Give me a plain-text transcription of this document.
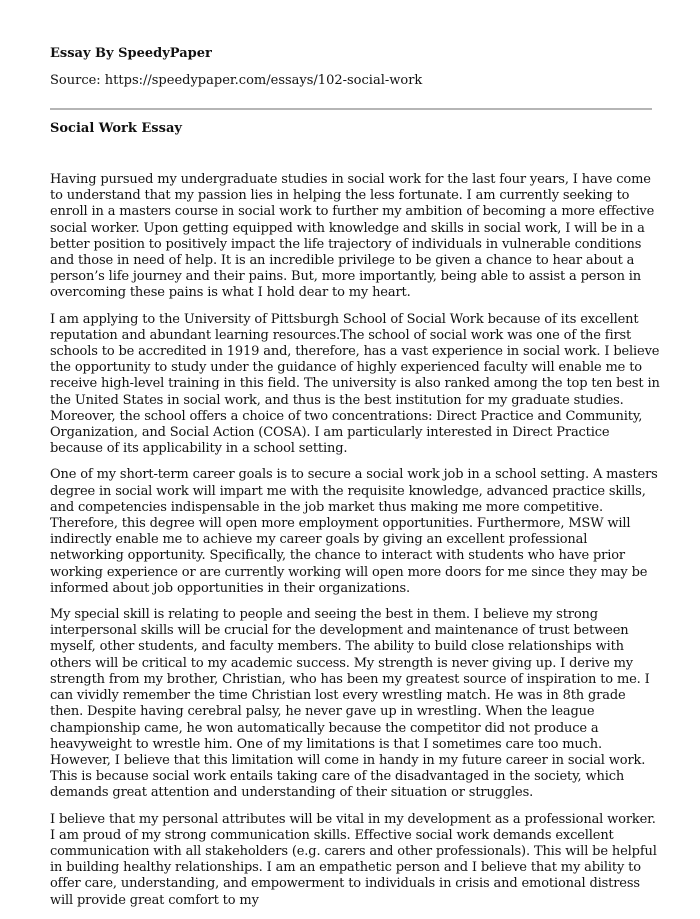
Essay By SpeedyPaper

Source: https://speedypaper.com/essays/102-social-work

Social Work Essay

Having pursued my undergraduate studies in social work for the last four years, I have come to understand that my passion lies in helping the less fortunate. I am currently seeking to enroll in a masters course in social work to further my ambition of becoming a more effective social worker. Upon getting equipped with knowledge and skills in social work, I will be in a better position to positively impact the life trajectory of individuals in vulnerable conditions and those in need of help. It is an incredible privilege to be given a chance to hear about a person’s life journey and their pains. But, more importantly, being able to assist a person in overcoming these pains is what I hold dear to my heart.

I am applying to the University of Pittsburgh School of Social Work because of its excellent reputation and abundant learning resources.The school of social work was one of the first schools to be accredited in 1919 and, therefore, has a vast experience in social work. I believe the opportunity to study under the guidance of highly experienced faculty will enable me to receive high-level training in this field. The university is also ranked among the top ten best in the United States in social work, and thus is the best institution for my graduate studies. Moreover, the school offers a choice of two concentrations: Direct Practice and Community, Organization, and Social Action (COSA). I am particularly interested in Direct Practice because of its applicability in a school setting.

One of my short-term career goals is to secure a social work job in a school setting. A masters degree in social work will impart me with the requisite knowledge, advanced practice skills, and competencies indispensable in the job market thus making me more competitive. Therefore, this degree will open more employment opportunities. Furthermore, MSW will indirectly enable me to achieve my career goals by giving an excellent professional networking opportunity. Specifically, the chance to interact with students who have prior working experience or are currently working will open more doors for me since they may be informed about job opportunities in their organizations.

My special skill is relating to people and seeing the best in them. I believe my strong interpersonal skills will be crucial for the development and maintenance of trust between myself, other students, and faculty members. The ability to build close relationships with others will be critical to my academic success. My strength is never giving up. I derive my strength from my brother, Christian, who has been my greatest source of inspiration to me. I can vividly remember the time Christian lost every wrestling match. He was in 8th grade then. Despite having cerebral palsy, he never gave up in wrestling. When the league championship came, he won automatically because the competitor did not produce a heavyweight to wrestle him. One of my limitations is that I sometimes care too much. However, I believe that this limitation will come in handy in my future career in social work. This is because social work entails taking care of the disadvantaged in the society, which demands great attention and understanding of their situation or struggles.

I believe that my personal attributes will be vital in my development as a professional worker. I am proud of my strong communication skills. Effective social work demands excellent communication with all stakeholders (e.g. carers and other professionals). This will be helpful in building healthy relationships. I am an empathetic person and I believe that my ability to offer care, understanding, and empowerment to individuals in crisis and emotional distress will provide great comfort to my
